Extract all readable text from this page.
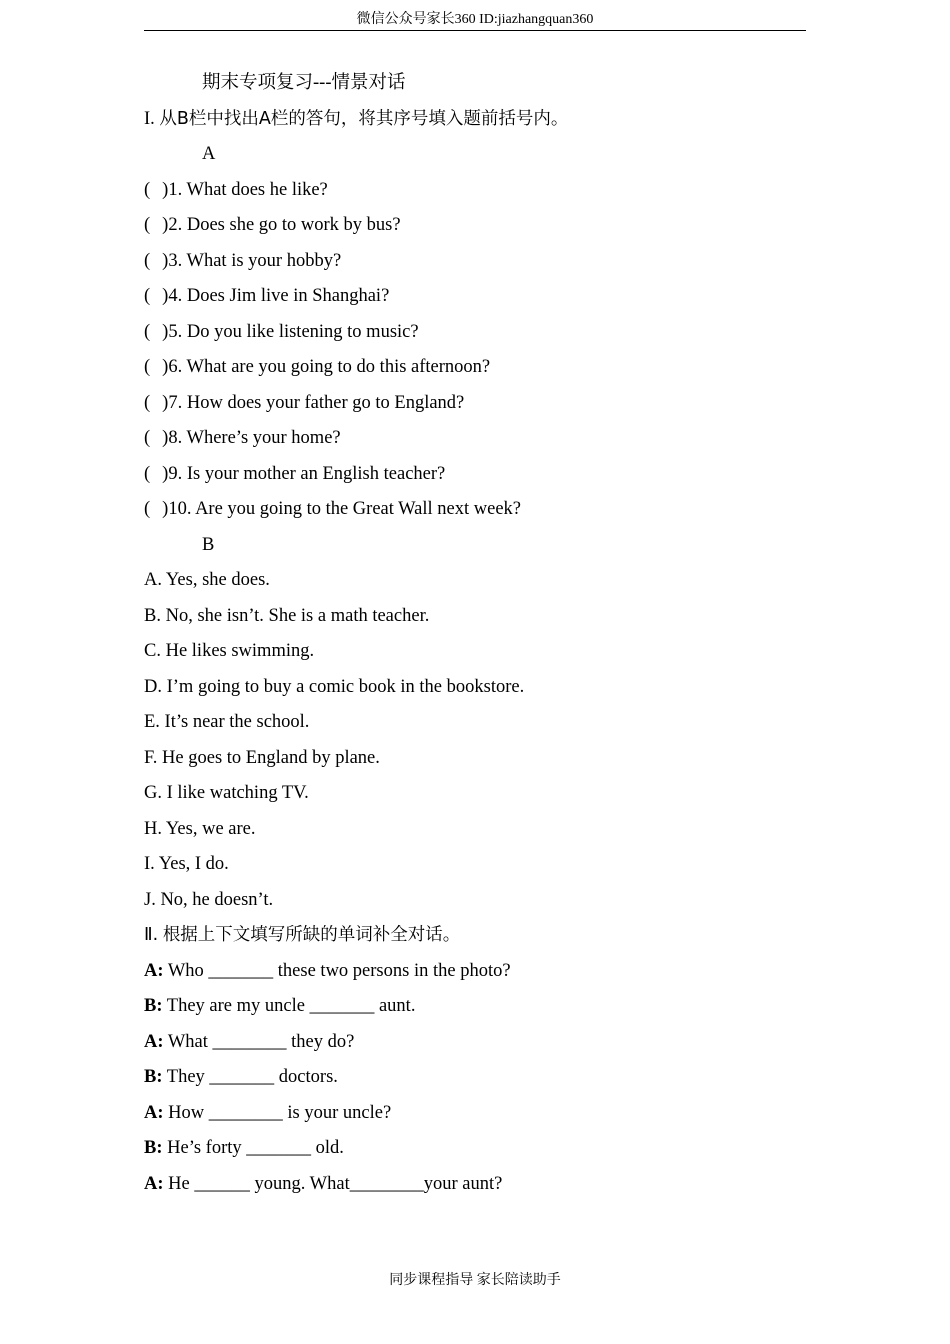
微信公众号家长360 ID:jiazhangquan360
期末专项复习---情景对话
I. 从B栏中找出A栏的答句，将其序号填入题前括号内。
A
( )1. What does he like?
( )2. Does she go to work by bus?
( )3. What is your hobby?
( )4. Does Jim live in Shanghai?
( )5. Do you like listening to music?
( )6. What are you going to do this afternoon?
( )7. How does your father go to England?
( )8. Where’s your home?
( )9. Is your mother an English teacher?
( )10. Are you going to the Great Wall next week?
B
A. Yes, she does.
B. No, she isn’t. She is a math teacher.
C. He likes swimming.
D. I’m going to buy a comic book in the bookstore.
E. It’s near the school.
F. He goes to England by plane.
G. I like watching TV.
H. Yes, we are.
I. Yes, I do.
J. No, he doesn’t.
Ⅱ. 根据上下文填写所缺的单词补全对话。
A: Who _______ these two persons in the photo?
B: They are my uncle _______ aunt.
A: What ________ they do?
B: They _______ doctors.
A: How ________ is your uncle?
B: He’s forty _______ old.
A: He ______ young. What________your aunt?
同步课程指导 家长陪读助手
